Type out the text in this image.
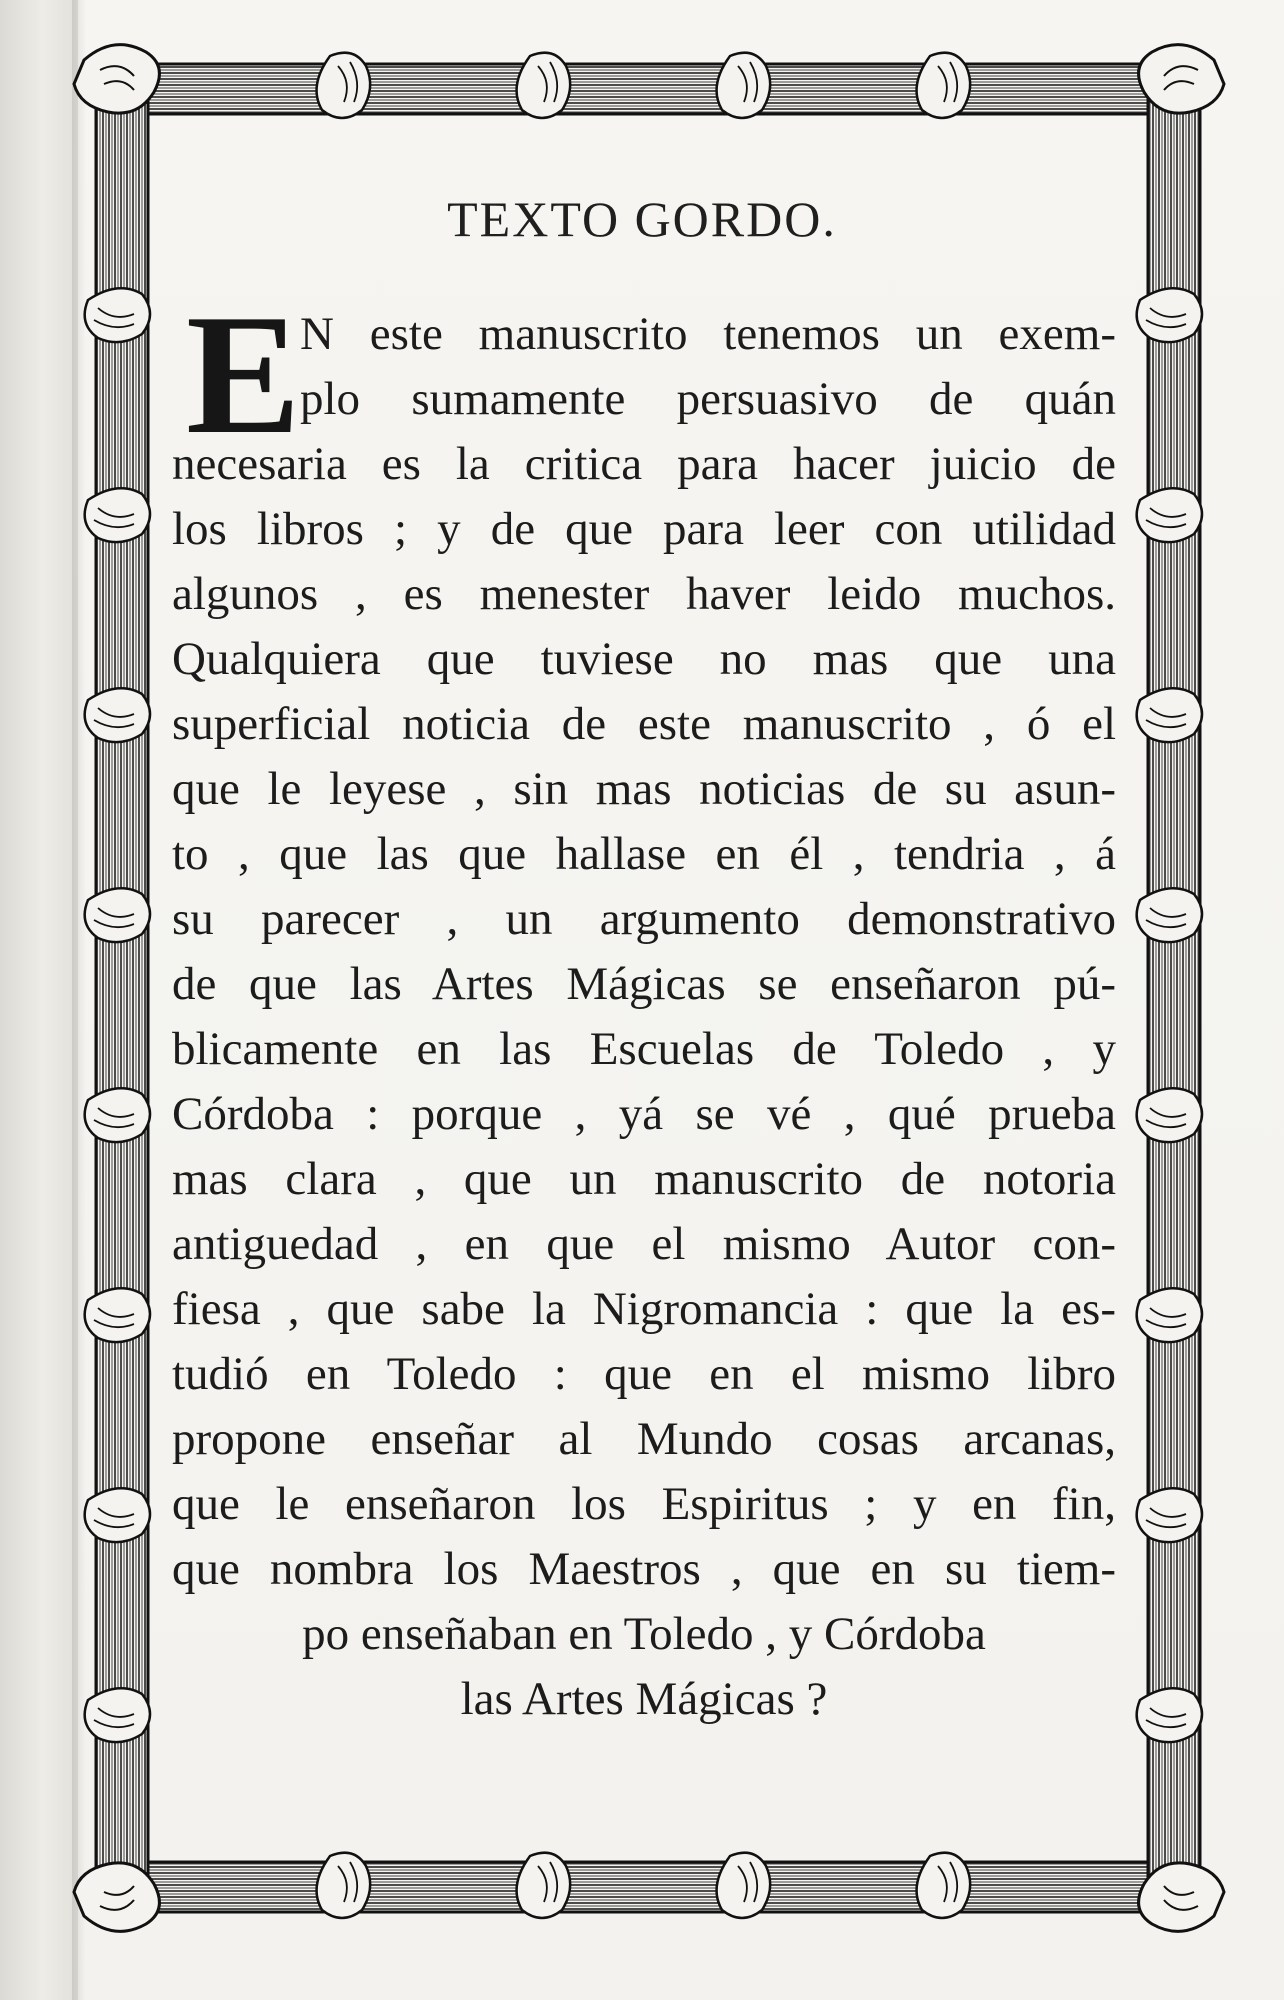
TEXTO GORDO.
E N este manuscrito tenemos un exem-
plo sumamente persuasivo de quán
necesaria es la critica para hacer juicio de
los libros ; y de que para leer con utilidad
algunos , es menester haver leido muchos.
Qualquiera que tuviese no mas que una
superficial noticia de este manuscrito , ó el
que le leyese , sin mas noticias de su asun-
to , que las que hallase en él , tendria , á
su parecer , un argumento demonstrativo
de que las Artes Mágicas se enseñaron pú-
blicamente en las Escuelas de Toledo , y
Córdoba : porque , yá se vé , qué prueba
mas clara , que un manuscrito de notoria
antiguedad , en que el mismo Autor con-
fiesa , que sabe la Nigromancia : que la es-
tudió en Toledo : que en el mismo libro
propone enseñar al Mundo cosas arcanas,
que le enseñaron los Espiritus ; y en fin,
que nombra los Maestros , que en su tiem-
po enseñaban en Toledo , y Córdoba
las Artes Mágicas ?
